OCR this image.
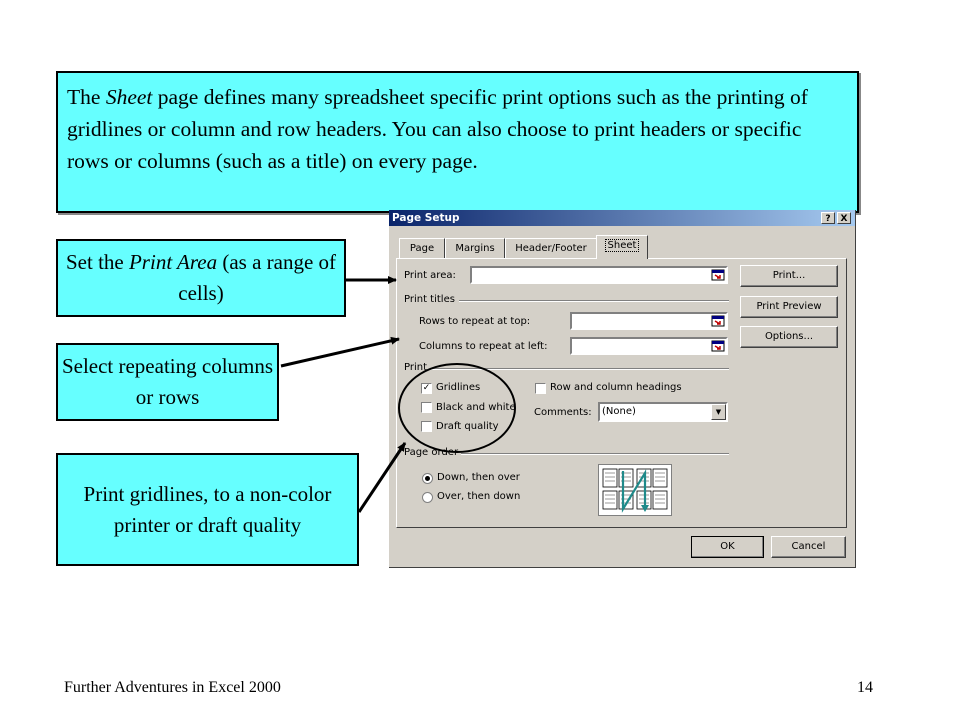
The Sheet page defines many spreadsheet specific print options such as the printing of gridlines or column and row headers. You can also choose to print headers or specific rows or columns (such as a title) on every page.
Set the Print Area (as a range of cells)
Select repeating columns or rows
Print gridlines, to a non-color printer or draft quality
Page Setup	?	X
Page	Margins	Header/Footer	Sheet
Print area:
Print titles
Rows to repeat at top:
Columns to repeat at left:
Print
✓ Gridlines
Black and white
Draft quality
Row and column headings
Comments:	(None)	▼
Page order
Down, then over
Over, then down
Print...
Print Preview
Options...
OK	Cancel
Further Adventures in Excel 2000	14
